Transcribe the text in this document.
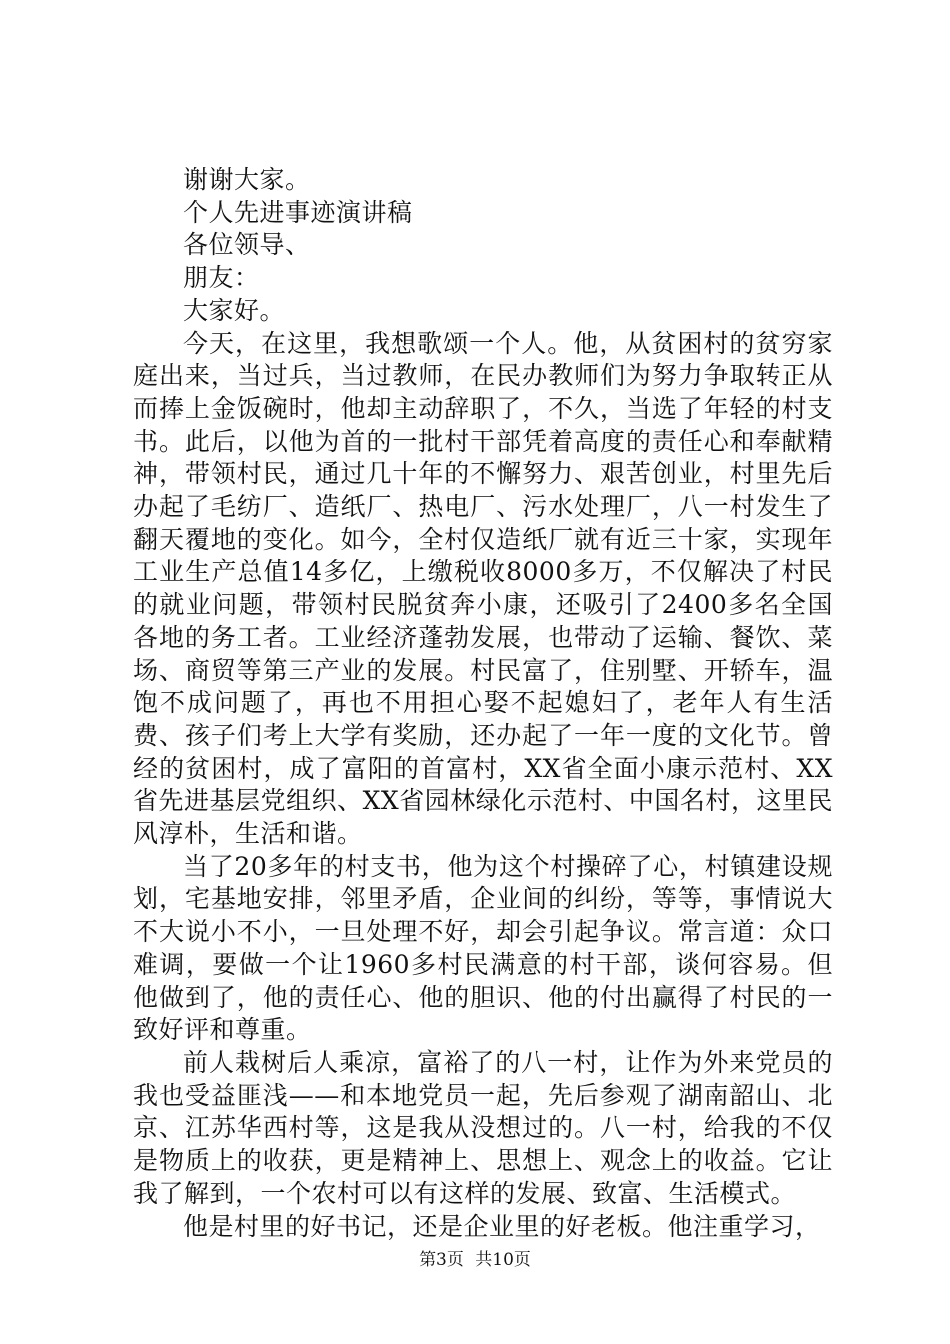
谢谢大家。

个人先进事迹演讲稿

各位领导、

朋友：

大家好。

今天，在这里，我想歌颂一个人。他，从贫困村的贫穷家庭出来，当过兵，当过教师，在民办教师们为努力争取转正从而捧上金饭碗时，他却主动辞职了，不久，当选了年轻的村支书。此后，以他为首的一批村干部凭着高度的责任心和奉献精神，带领村民，通过几十年的不懈努力、艰苦创业，村里先后办起了毛纺厂、造纸厂、热电厂、污水处理厂，八一村发生了翻天覆地的变化。如今，全村仅造纸厂就有近三十家，实现年工业生产总值14多亿，上缴税收8000多万，不仅解决了村民的就业问题，带领村民脱贫奔小康，还吸引了2400多名全国各地的务工者。工业经济蓬勃发展，也带动了运输、餐饮、菜场、商贸等第三产业的发展。村民富了，住别墅、开轿车，温饱不成问题了，再也不用担心娶不起媳妇了，老年人有生活费、孩子们考上大学有奖励，还办起了一年一度的文化节。曾经的贫困村，成了富阳的首富村，XX省全面小康示范村、XX省先进基层党组织、XX省园林绿化示范村、中国名村，这里民风淳朴，生活和谐。

当了20多年的村支书，他为这个村操碎了心，村镇建设规划，宅基地安排，邻里矛盾，企业间的纠纷，等等，事情说大不大说小不小，一旦处理不好，却会引起争议。常言道：众口难调，要做一个让1960多村民满意的村干部，谈何容易。但他做到了，他的责任心、他的胆识、他的付出赢得了村民的一致好评和尊重。

前人栽树后人乘凉，富裕了的八一村，让作为外来党员的我也受益匪浅——和本地党员一起，先后参观了湖南韶山、北京、江苏华西村等，这是我从没想过的。八一村，给我的不仅是物质上的收获，更是精神上、思想上、观念上的收益。它让我了解到，一个农村可以有这样的发展、致富、生活模式。

他是村里的好书记，还是企业里的好老板。他注重学习，

第3页 共10页
